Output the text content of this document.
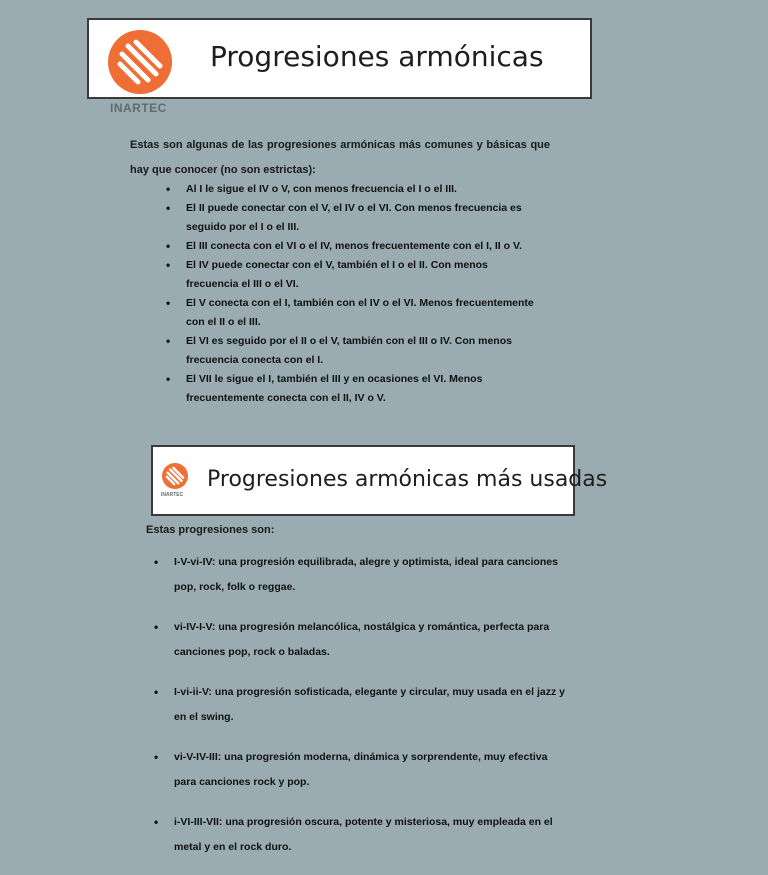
Progresiones armónicas
INARTEC
Estas son algunas de las progresiones armónicas más comunes y básicas que hay que conocer (no son estrictas):
• Al I le sigue el IV o V, con menos frecuencia el I o el III.
• El II puede conectar con el V, el IV o el VI. Con menos frecuencia es seguido por el I o el III.
• El III conecta con el VI o el IV, menos frecuentemente con el I, II o V.
• El IV puede conectar con el V, también el I o el II. Con menos frecuencia el III o el VI.
• El V conecta con el I, también con el IV o el VI. Menos frecuentemente con el II o el III.
• El VI es seguido por el II o el V, también con el III o IV. Con menos frecuencia conecta con el I.
• El VII le sigue el I, también el III y en ocasiones el VI. Menos frecuentemente conecta con el II, IV o V.
INARTEC
Progresiones armónicas más usadas
Estas progresiones son:
• I-V-vi-IV: una progresión equilibrada, alegre y optimista, ideal para canciones pop, rock, folk o reggae.
• vi-IV-I-V: una progresión melancólica, nostálgica y romántica, perfecta para canciones pop, rock o baladas.
• I-vi-ii-V: una progresión sofisticada, elegante y circular, muy usada en el jazz y en el swing.
• vi-V-IV-III: una progresión moderna, dinámica y sorprendente, muy efectiva para canciones rock y pop.
• i-VI-III-VII: una progresión oscura, potente y misteriosa, muy empleada en el metal y en el rock duro.
